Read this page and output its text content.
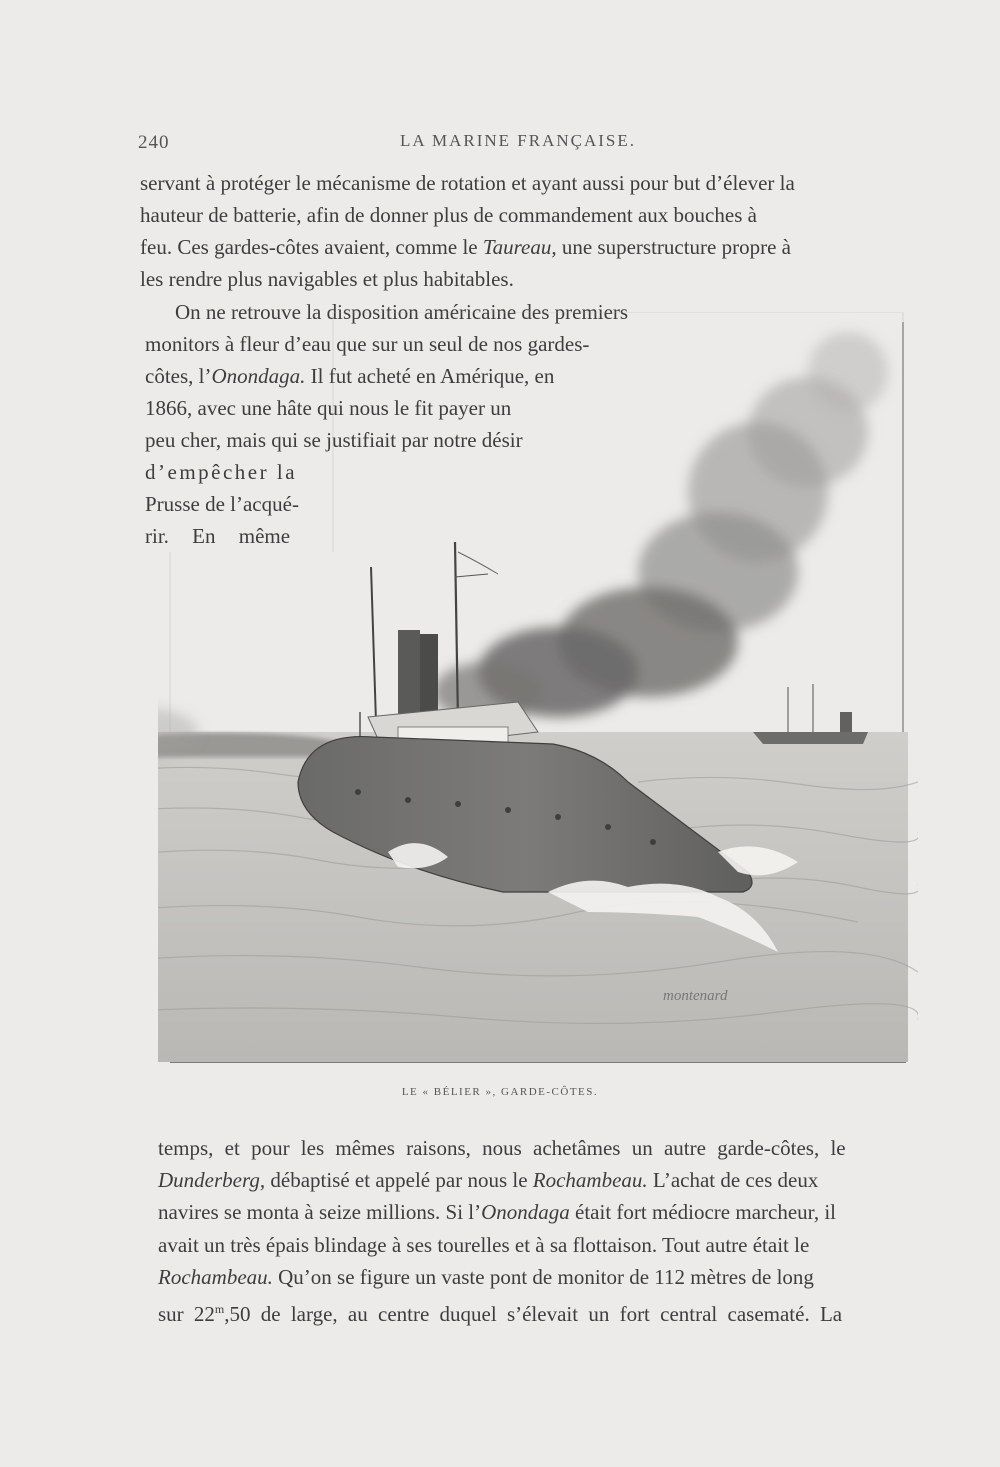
240	LA MARINE FRANÇAISE.
servant à protéger le mécanisme de rotation et ayant aussi pour but d’élever la
hauteur de batterie, afin de donner plus de commandement aux bouches à
feu. Ces gardes-côtes avaient, comme le Taureau, une superstructure propre à
les rendre plus navigables et plus habitables.
On ne retrouve la disposition américaine des premiers
monitors à fleur d’eau que sur un seul de nos gardes-
côtes, l’Onondaga. Il fut acheté en Amérique, en
1866, avec une hâte qui nous le fit payer un
peu cher, mais qui se justifiait par notre désir
d’empêcher la
Prusse de l’acqué-
rir. En même
montenard
LE « BÉLIER », GARDE-CÔTES.
temps, et pour les mêmes raisons, nous achetâmes un autre garde-côtes, le
Dunderberg, débaptisé et appelé par nous le Rochambeau. L’achat de ces deux
navires se monta à seize millions. Si l’Onondaga était fort médiocre marcheur, il
avait un très épais blindage à ses tourelles et à sa flottaison. Tout autre était le
Rochambeau. Qu’on se figure un vaste pont de monitor de 112 mètres de long
sur 22$^m$,50 de large, au centre duquel s’élevait un fort central casematé. La
